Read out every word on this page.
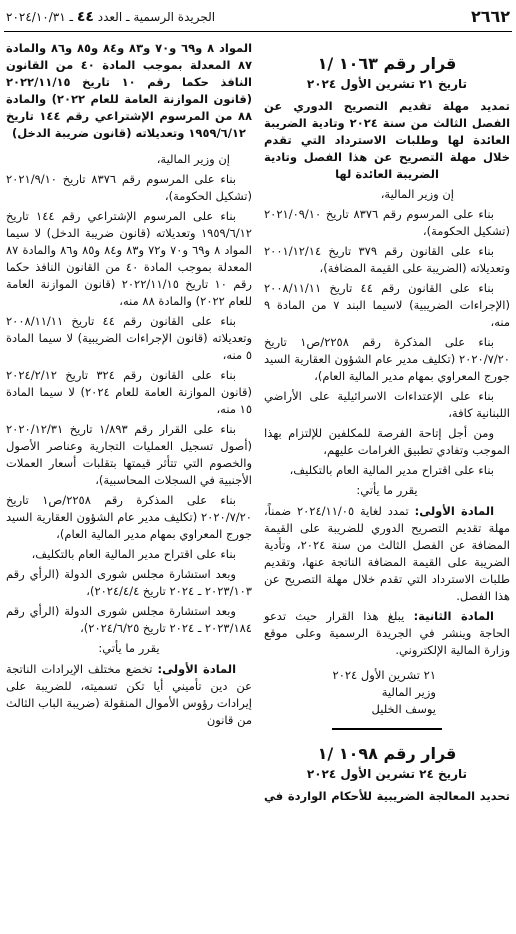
٢٦٦٢
الجريدة الرسمية ـ العدد ٤٤ ـ ٢٠٢٤/١٠/٣١
قرار رقم ١٠٦٣ /١
تاريخ ٢١ تشرين الأول ٢٠٢٤

تمديد مهلة تقديم التصريح الدوري عن الفصل الثالث من سنة ٢٠٢٤ وتادية الضريبة العائدة لها وطلبات الاسترداد التي تقدم خلال مهلة التصريح عن هذا الفصل وتادية الضريبة العائدة لها

إن وزير المالية،

بناء على المرسوم رقم ٨٣٧٦ تاريخ ٢٠٢١/٠٩/١٠ (تشكيل الحكومة)،

بناء على القانون رقم ٣٧٩ تاريخ ٢٠٠١/١٢/١٤ وتعديلاته (الضريبة على القيمة المضافة)،

بناء على القانون رقم ٤٤ تاريخ ٢٠٠٨/١١/١١ (الإجراءات الضريبية) لاسيما البند ٧ من المادة ٩ منه،

بناء على المذكرة رقم ٢٢٥٨/ص١ تاريخ ٢٠٢٠/٧/٢٠ (تكليف مدير عام الشؤون العقارية السيد جورج المعراوي بمهام مدير المالية العام)،

بناء على الإعتداءات الاسرائيلية على الأراضي اللبنانية كافة،

ومن أجل إتاحة الفرصة للمكلفين للإلتزام بهذا الموجب وتفادي تطبيق الغرامات عليهم،

بناء على اقتراح مدير المالية العام بالتكليف،

يقرر ما يأتي:

المادة الأولى: تمدد لغاية ٢٠٢٤/١١/٠٥ ضمناً، مهلة تقديم التصريح الدوري للضريبة على القيمة المضافة عن الفصل الثالث من سنة ٢٠٢٤، وتأدية الضريبة على القيمة المضافة الناتجة عنها، وتقديم طلبات الاسترداد التي تقدم خلال مهلة التصريح عن هذا الفصل.

المادة الثانية: يبلغ هذا القرار حيث تدعو الحاجة وينشر في الجريدة الرسمية وعلى موقع وزارة المالية الإلكتروني.

٢١ تشرين الأول ٢٠٢٤
وزير المالية
يوسف الخليل
قرار رقم ١٠٩٨ /١
تاريخ ٢٤ تشرين الأول ٢٠٢٤

تحديد المعالجة الضريبية للأحكام الواردة في

المواد ٨ و٦٩ و٧٠ و٨٣ و٨٤ و٨٥ و٨٦ والمادة ٨٧ المعدلة بموجب المادة ٤٠ من القانون النافذ حكما رقم ١٠ تاريخ ٢٠٢٢/١١/١٥ (قانون الموازنة العامة للعام ٢٠٢٢) والمادة ٨٨ من المرسوم الإشتراعي رقم ١٤٤ تاريخ ١٩٥٩/٦/١٢ وتعديلاته (قانون ضريبة الدخل)

إن وزير المالية،

بناء على المرسوم رقم ٨٣٧٦ تاريخ ٢٠٢١/٩/١٠ (تشكيل الحكومة)،

بناء على المرسوم الإشتراعي رقم ١٤٤ تاريخ ١٩٥٩/٦/١٢ وتعديلاته (قانون ضريبة الدخل) لا سيما المواد ٨ و٦٩ و٧٠ و٧٢ و٨٣ و٨٤ و٨٥ و٨٦ والمادة ٨٧ المعدلة بموجب المادة ٤٠ من القانون النافذ حكما رقم ١٠ تاريخ ٢٠٢٢/١١/١٥ (قانون الموازنة العامة للعام ٢٠٢٢) والمادة ٨٨ منه،

بناء على القانون رقم ٤٤ تاريخ ٢٠٠٨/١١/١١ وتعديلاته (قانون الإجراءات الضريبية) لا سيما المادة ٥ منه،

بناء على القانون رقم ٣٢٤ تاريخ ٢٠٢٤/٢/١٢ (قانون الموازنة العامة للعام ٢٠٢٤) لا سيما المادة ١٥ منه،

بناء على القرار رقم ١/٨٩٣ تاريخ ٢٠٢٠/١٢/٣١ (أصول تسجيل العمليات التجارية وعناصر الأصول والخصوم التي تتأثر قيمتها بتقلبات أسعار العملات الأجنبية في السجلات المحاسبية)،

بناء على المذكرة رقم ٢٢٥٨/ص١ تاريخ ٢٠٢٠/٧/٢٠ (تكليف مدير عام الشؤون العقارية السيد جورج المعراوي بمهام مدير المالية العام)،

بناء على اقتراح مدير المالية العام بالتكليف،

وبعد استشارة مجلس شورى الدولة (الرأي رقم ٢٠٢٣/١٠٣ ـ ٢٠٢٤ تاريخ ٢٠٢٤/٤/٤)،

وبعد استشارة مجلس شورى الدولة (الرأي رقم ٢٠٢٣/١٨٤ ـ ٢٠٢٤ تاريخ ٢٠٢٤/٦/٢٥)،

يقرر ما يأتي:

المادة الأولى: تخضع مختلف الإيرادات الناتجة عن دين تأميني أيا تكن تسميته، للضريبة على إيرادات رؤوس الأموال المنقولة (ضريبة الباب الثالث من قانون
